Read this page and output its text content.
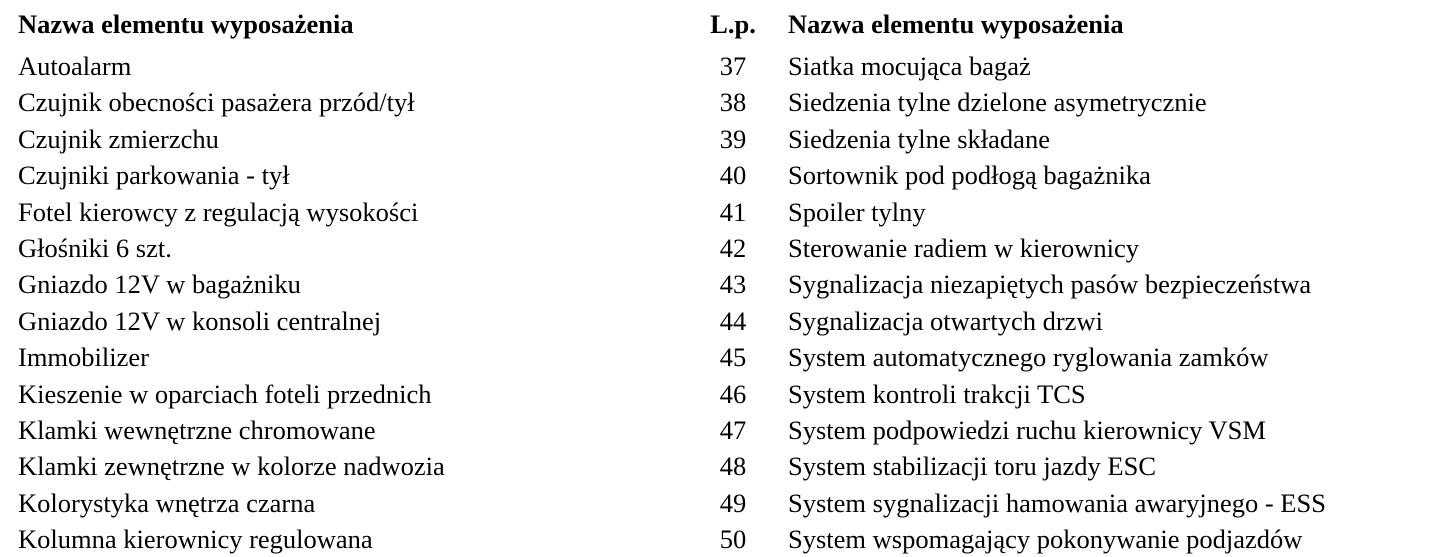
Nazwa elementu wyposażenia	L.p.	Nazwa elementu wyposażenia
Autoalarm	37	Siatka mocująca bagaż
Czujnik obecności pasażera przód/tył	38	Siedzenia tylne dzielone asymetrycznie
Czujnik zmierzchu	39	Siedzenia tylne składane
Czujniki parkowania - tył	40	Sortownik pod podłogą bagażnika
Fotel kierowcy z regulacją wysokości	41	Spoiler tylny
Głośniki 6 szt.	42	Sterowanie radiem w kierownicy
Gniazdo 12V w bagażniku	43	Sygnalizacja niezapiętych pasów bezpieczeństwa
Gniazdo 12V w konsoli centralnej	44	Sygnalizacja otwartych drzwi
Immobilizer	45	System automatycznego ryglowania zamków
Kieszenie w oparciach foteli przednich	46	System kontroli trakcji TCS
Klamki wewnętrzne chromowane	47	System podpowiedzi ruchu kierownicy VSM
Klamki zewnętrzne w kolorze nadwozia	48	System stabilizacji toru jazdy ESC
Kolorystyka wnętrza czarna	49	System sygnalizacji hamowania awaryjnego - ESS
Kolumna kierownicy regulowana	50	System wspomagający pokonywanie podjazdów
